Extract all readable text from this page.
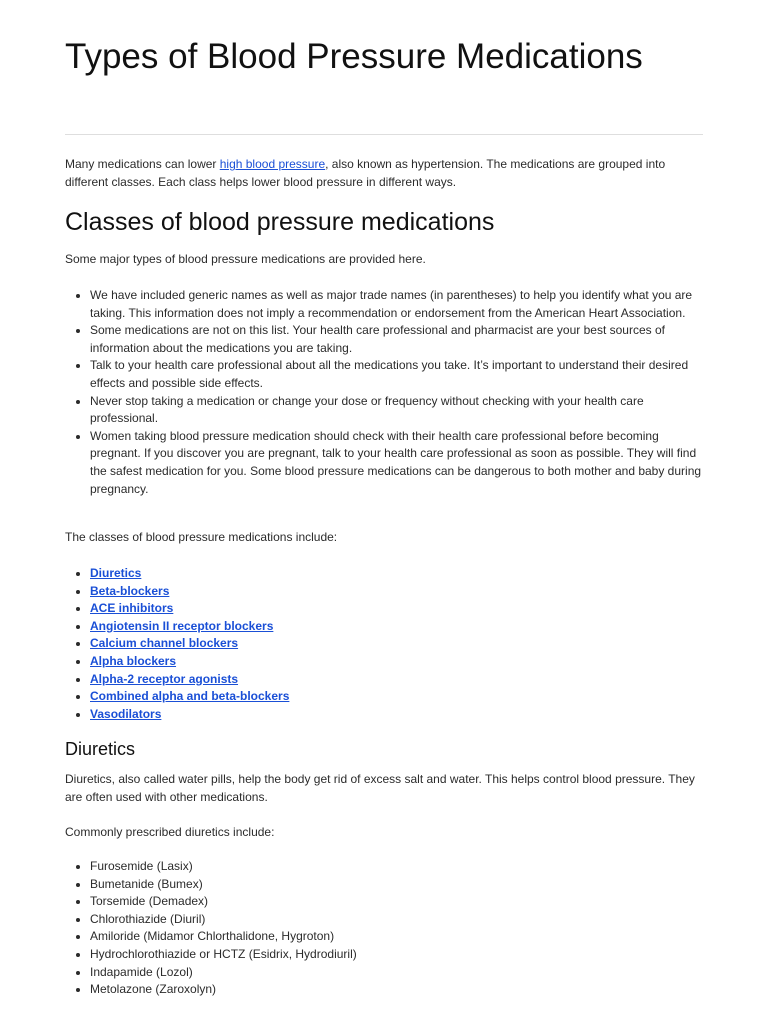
Types of Blood Pressure Medications

Many medications can lower high blood pressure, also known as hypertension. The medications are grouped into different classes. Each class helps lower blood pressure in different ways.

Classes of blood pressure medications

Some major types of blood pressure medications are provided here.

• We have included generic names as well as major trade names (in parentheses) to help you identify what you are taking. This information does not imply a recommendation or endorsement from the American Heart Association.
• Some medications are not on this list. Your health care professional and pharmacist are your best sources of information about the medications you are taking.
• Talk to your health care professional about all the medications you take. It’s important to understand their desired effects and possible side effects.
• Never stop taking a medication or change your dose or frequency without checking with your health care professional.
• Women taking blood pressure medication should check with their health care professional before becoming pregnant. If you discover you are pregnant, talk to your health care professional as soon as possible. They will find the safest medication for you. Some blood pressure medications can be dangerous to both mother and baby during pregnancy.

The classes of blood pressure medications include:

• Diuretics
• Beta-blockers
• ACE inhibitors
• Angiotensin II receptor blockers
• Calcium channel blockers
• Alpha blockers
• Alpha-2 receptor agonists
• Combined alpha and beta-blockers
• Vasodilators
Diuretics

Diuretics, also called water pills, help the body get rid of excess salt and water. This helps control blood pressure. They are often used with other medications.

Commonly prescribed diuretics include:

• Furosemide (Lasix)
• Bumetanide (Bumex)
• Torsemide (Demadex)
• Chlorothiazide (Diuril)
• Amiloride (Midamor Chlorthalidone, Hygroton)
• Hydrochlorothiazide or HCTZ (Esidrix, Hydrodiuril)
• Indapamide (Lozol)
• Metolazone (Zaroxolyn)
